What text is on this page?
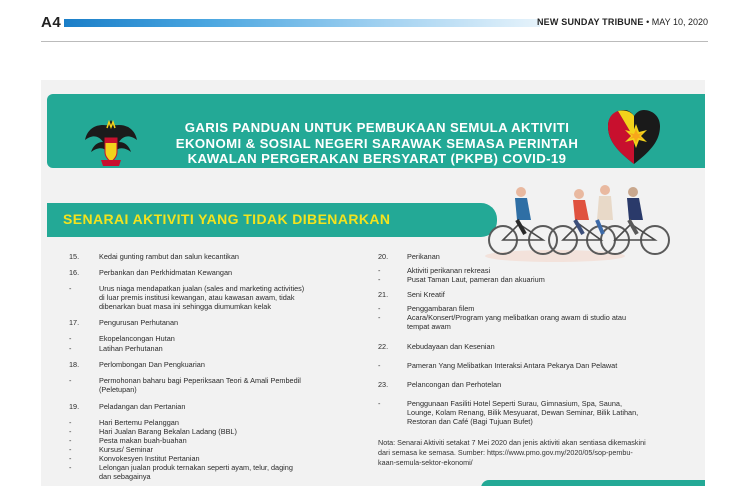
A4	NEW SUNDAY TRIBUNE • MAY 10, 2020
GARIS PANDUAN UNTUK PEMBUKAAN SEMULA AKTIVITI
EKONOMI & SOSIAL NEGERI SARAWAK SEMASA PERINTAH
KAWALAN PERGERAKAN BERSYARAT (PKPB) COVID-19
SENARAI AKTIVITI YANG TIDAK DIBENARKAN
15.	Kedai gunting rambut dan salun kecantikan
16.	Perbankan dan Perkhidmatan Kewangan
-	Urus niaga mendapatkan jualan (sales and marketing activities)
di luar premis institusi kewangan, atau kawasan awam, tidak
dibenarkan buat masa ini sehingga diumumkan kelak
17.	Pengurusan Perhutanan
-	Ekopelancongan Hutan
-	Latihan Perhutanan
18.	Perlombongan Dan Pengkuarian
-	Permohonan baharu bagi Peperiksaan Teori & Amali Pembedil
(Peletupan)
19.	Peladangan dan Pertanian
-	Hari Bertemu Pelanggan
-	Hari Jualan Barang Bekalan Ladang (BBL)
-	Pesta makan buah-buahan
-	Kursus/ Seminar
-	Konvokesyen Institut Pertanian
-	Lelongan jualan produk ternakan seperti ayam, telur, daging
dan sebagainya
20.	Perikanan
-	Aktiviti perikanan rekreasi
-	Pusat Taman Laut, pameran dan akuarium
21.	Seni Kreatif
-	Penggambaran filem
-	Acara/Konsert/Program yang melibatkan orang awam di studio atau
tempat awam
22.	Kebudayaan dan Kesenian
-	Pameran Yang Melibatkan Interaksi Antara Pekarya Dan Pelawat
23.	Pelancongan dan Perhotelan
-	Penggunaan Fasiliti Hotel Seperti Surau, Gimnasium, Spa, Sauna,
Lounge, Kolam Renang, Bilik Mesyuarat, Dewan Seminar, Bilik Latihan,
Restoran dan Café (Bagi Tujuan Bufet)
Nota: Senarai Aktiviti setakat 7 Mei 2020 dan jenis aktiviti akan sentiasa dikemaskini
dari semasa ke semasa. Sumber: https://www.pmo.gov.my/2020/05/sop-pembu-
kaan-semula-sektor-ekonomi/
